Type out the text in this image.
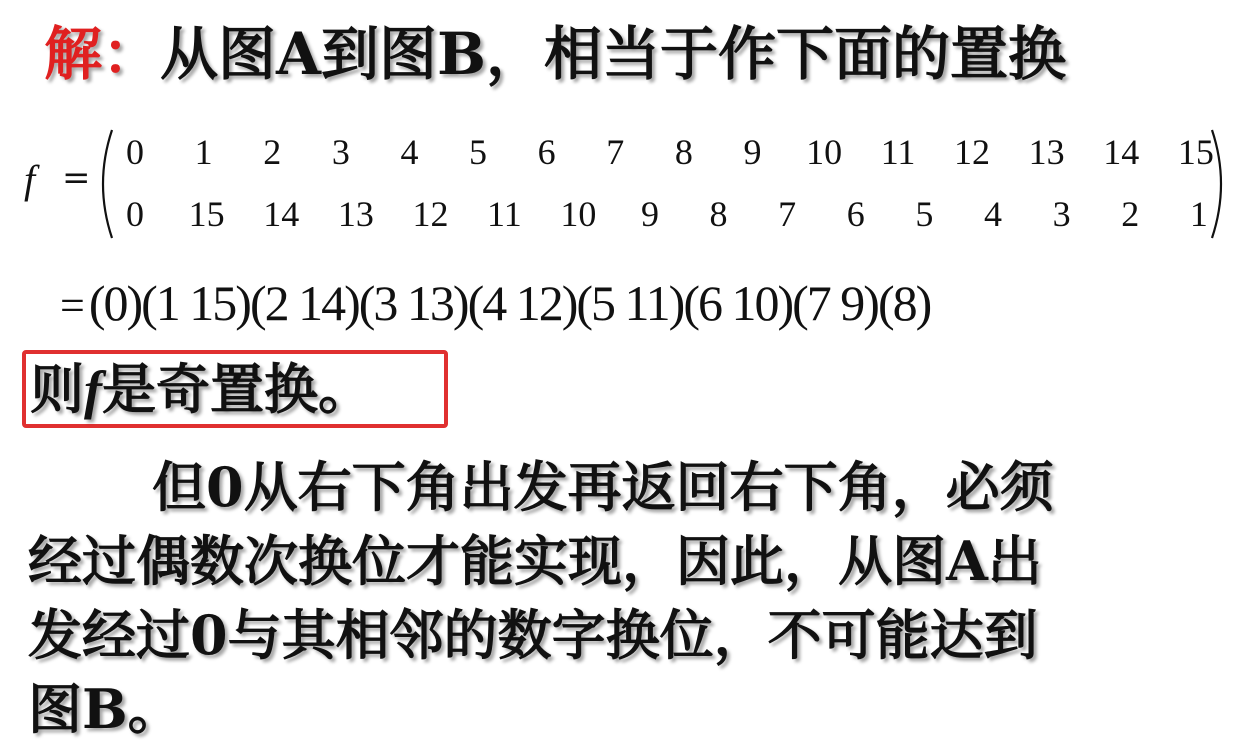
解：从图A到图B，相当于作下面的置换
f =
0 1 2 3 4 5 6 7 8 9 10 11 12 13 14 15
0 15 14 13 12 11 10 9 8 7 6 5 4 3 2 1
=(0)(1 15)(2 14)(3 13)(4 12)(5 11)(6 10)(7 9)(8)
则f是奇置换。
但0从右下角出发再返回右下角，必须
经过偶数次换位才能实现，因此，从图A出
发经过0与其相邻的数字换位，不可能达到
图B。
